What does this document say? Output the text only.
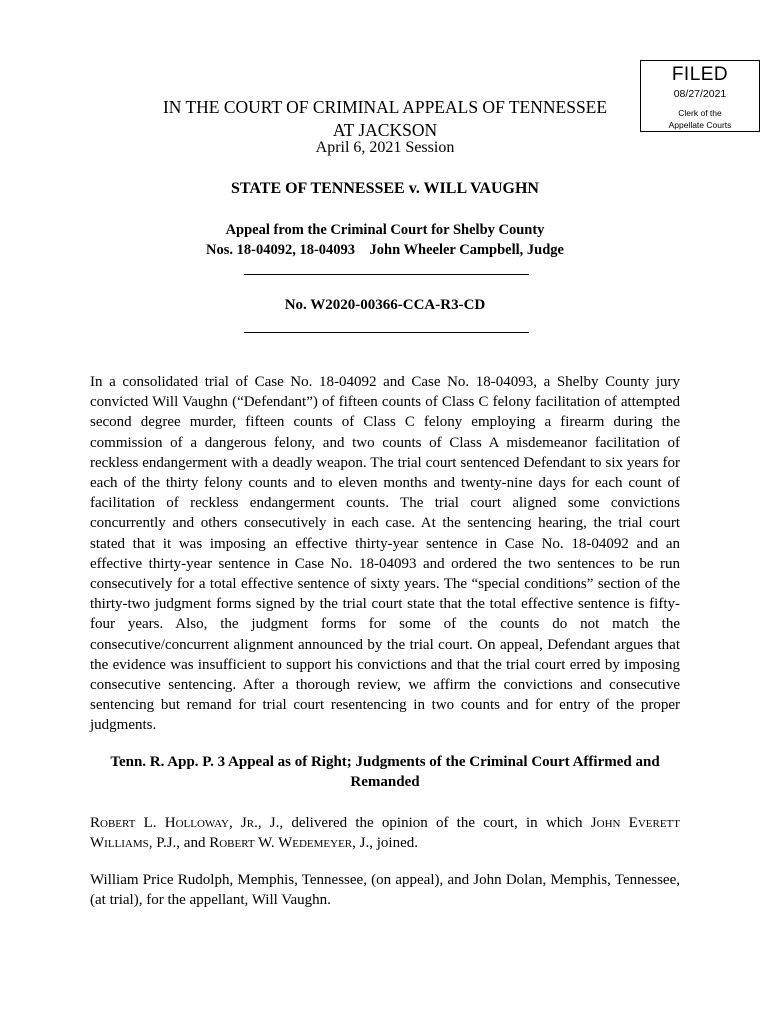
FILED
08/27/2021
Clerk of the
Appellate Courts
IN THE COURT OF CRIMINAL APPEALS OF TENNESSEE
AT JACKSON
April 6, 2021 Session
STATE OF TENNESSEE v. WILL VAUGHN
Appeal from the Criminal Court for Shelby County
Nos. 18-04092, 18-04093    John Wheeler Campbell, Judge
No. W2020-00366-CCA-R3-CD

In a consolidated trial of Case No. 18-04092 and Case No. 18-04093, a Shelby County jury convicted Will Vaughn (“Defendant”) of fifteen counts of Class C felony facilitation of attempted second degree murder, fifteen counts of Class C felony employing a firearm during the commission of a dangerous felony, and two counts of Class A misdemeanor facilitation of reckless endangerment with a deadly weapon. The trial court sentenced Defendant to six years for each of the thirty felony counts and to eleven months and twenty-nine days for each count of facilitation of reckless endangerment counts. The trial court aligned some convictions concurrently and others consecutively in each case. At the sentencing hearing, the trial court stated that it was imposing an effective thirty-year sentence in Case No. 18-04092 and an effective thirty-year sentence in Case No. 18-04093 and ordered the two sentences to be run consecutively for a total effective sentence of sixty years. The “special conditions” section of the thirty-two judgment forms signed by the trial court state that the total effective sentence is fifty-four years. Also, the judgment forms for some of the counts do not match the consecutive/concurrent alignment announced by the trial court. On appeal, Defendant argues that the evidence was insufficient to support his convictions and that the trial court erred by imposing consecutive sentencing. After a thorough review, we affirm the convictions and consecutive sentencing but remand for trial court resentencing in two counts and for entry of the proper judgments.

Tenn. R. App. P. 3 Appeal as of Right; Judgments of the Criminal Court Affirmed and Remanded

Robert L. Holloway, Jr., J., delivered the opinion of the court, in which John Everett Williams, P.J., and Robert W. Wedemeyer, J., joined.

William Price Rudolph, Memphis, Tennessee, (on appeal), and John Dolan, Memphis, Tennessee, (at trial), for the appellant, Will Vaughn.
